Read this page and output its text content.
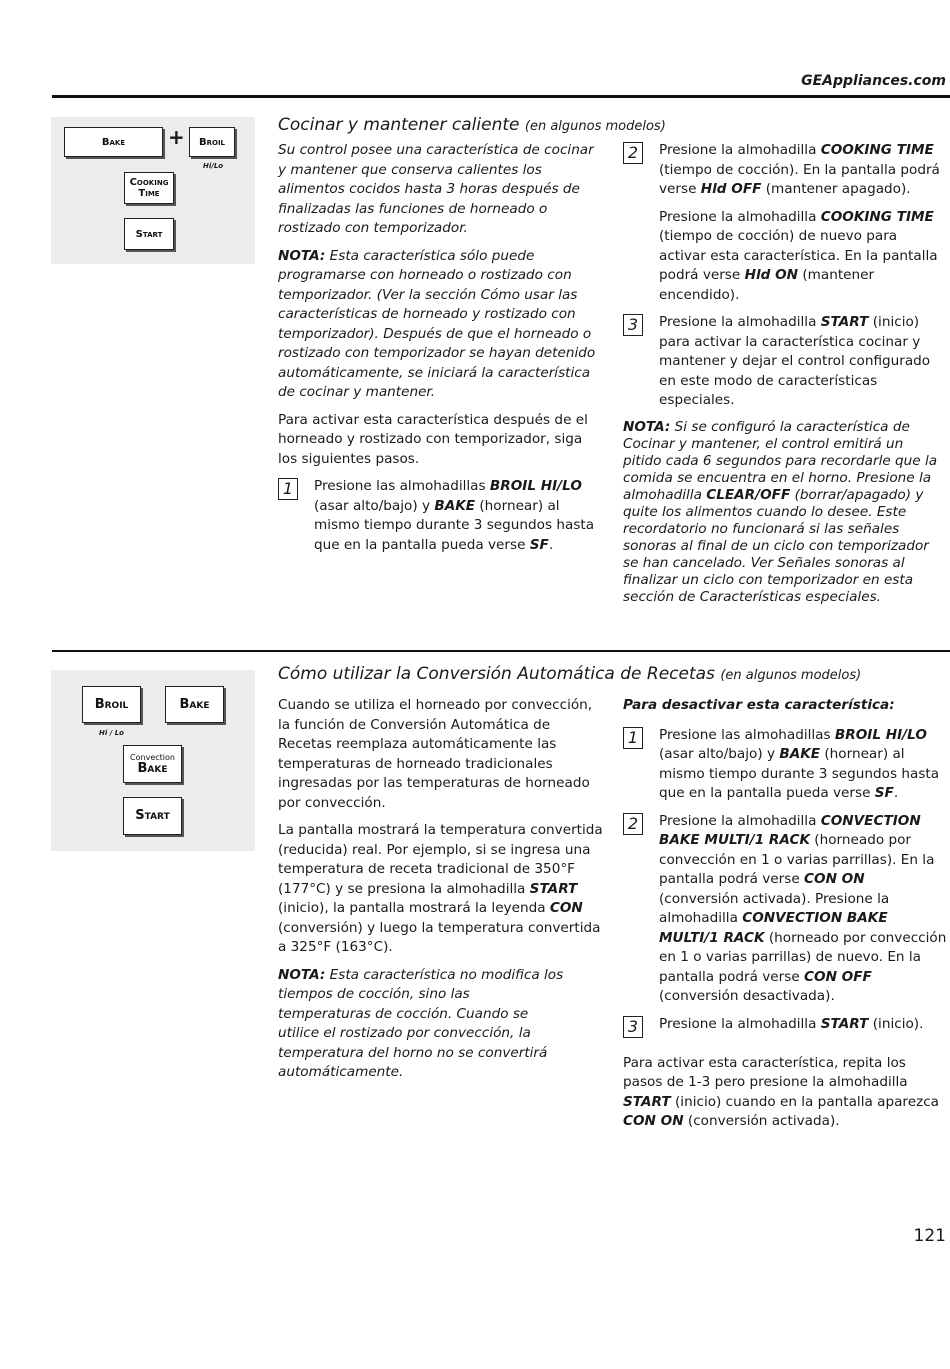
GEAppliances.com
Bake + Broil
Hi/Lo
Cooking
Time
Start
Cocinar y mantener caliente (en algunos modelos)

Su control posee una característica de cocinar y mantener que conserva calientes los alimentos cocidos hasta 3 horas después de finalizadas las funciones de horneado o rostizado con temporizador.

NOTA: Esta característica sólo puede programarse con horneado o rostizado con temporizador. (Ver la sección Cómo usar las características de horneado y rostizado con temporizador). Después de que el horneado o rostizado con temporizador se hayan detenido automáticamente, se iniciará la característica de cocinar y mantener.

Para activar esta característica después de el horneado y rostizado con temporizador, siga los siguientes pasos.

1	Presione las almohadillas BROIL HI/LO (asar alto/bajo) y BAKE (hornear) al mismo tiempo durante 3 segundos hasta que en la pantalla pueda verse SF.
2	Presione la almohadilla COOKING TIME (tiempo de cocción). En la pantalla podrá verse Hld OFF (mantener apagado).

Presione la almohadilla COOKING TIME (tiempo de cocción) de nuevo para activar esta característica. En la pantalla podrá verse Hld ON (mantener encendido).

3	Presione la almohadilla START (inicio) para activar la característica cocinar y mantener y dejar el control configurado en este modo de características especiales.

NOTA: Si se configuró la característica de Cocinar y mantener, el control emitirá un pitido cada 6 segundos para recordarle que la comida se encuentra en el horno. Presione la almohadilla CLEAR/OFF (borrar/apagado) y quite los alimentos cuando lo desee. Este recordatorio no funcionará si las señales sonoras al final de un ciclo con temporizador se han cancelado. Ver Señales sonoras al finalizar un ciclo con temporizador en esta sección de Características especiales.

Broil
Hi / Lo
Bake
Convection
Bake
Start
Cómo utilizar la Conversión Automática de Recetas (en algunos modelos)

Cuando se utiliza el horneado por convección, la función de Conversión Automática de Recetas reemplaza automáticamente las temperaturas de horneado tradicionales ingresadas por las temperaturas de horneado por convección.

La pantalla mostrará la temperatura convertida (reducida) real. Por ejemplo, si se ingresa una temperatura de receta tradicional de 350°F (177°C) y se presiona la almohadilla START (inicio), la pantalla mostrará la leyenda CON (conversión) y luego la temperatura convertida a 325°F (163°C).

NOTA: Esta característica no modifica los tiempos de cocción, sino las temperaturas de cocción. Cuando se utilice el rostizado por convección, la temperatura del horno no se convertirá automáticamente.

Para desactivar esta característica:

1	Presione las almohadillas BROIL HI/LO (asar alto/bajo) y BAKE (hornear) al mismo tiempo durante 3 segundos hasta que en la pantalla pueda verse SF.
2	Presione la almohadilla CONVECTION BAKE MULTI/1 RACK (horneado por convección en 1 o varias parrillas). En la pantalla podrá verse CON ON (conversión activada). Presione la almohadilla CONVECTION BAKE MULTI/1 RACK (horneado por convección en 1 o varias parrillas) de nuevo. En la pantalla podrá verse CON OFF (conversión desactivada).
3	Presione la almohadilla START (inicio).

Para activar esta característica, repita los pasos de 1-3 pero presione la almohadilla START (inicio) cuando en la pantalla aparezca CON ON (conversión activada).

121
